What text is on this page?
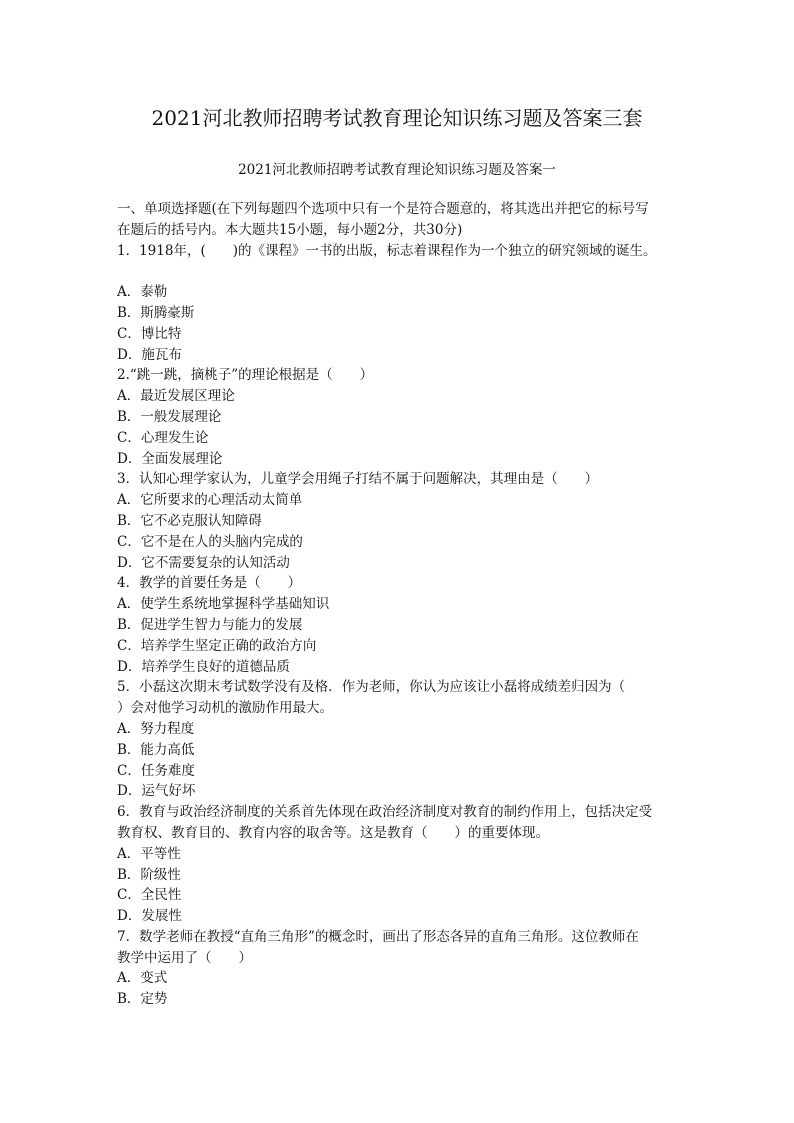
2021河北教师招聘考试教育理论知识练习题及答案三套
2021河北教师招聘考试教育理论知识练习题及答案一
一、单项选择题(在下列每题四个选项中只有一个是符合题意的，将其选出并把它的标号写
在题后的括号内。本大题共15小题，每小题2分，共30分)
1．1918年，(　　)的《课程》一书的出版，标志着课程作为一个独立的研究领域的诞生。
A．泰勒
B．斯腾豪斯
C．博比特
D．施瓦布
2.“跳一跳，摘桃子”的理论根据是（　　）
A．最近发展区理论
B．一般发展理论
C．心理发生论
D．全面发展理论
3．认知心理学家认为，儿童学会用绳子打结不属于问题解决，其理由是（　　）
A．它所要求的心理活动太简单
B．它不必克服认知障碍
C．它不是在人的头脑内完成的
D．它不需要复杂的认知活动
4．教学的首要任务是（　　）
A．使学生系统地掌握科学基础知识
B．促进学生智力与能力的发展
C．培养学生坚定正确的政治方向
D．培养学生良好的道德品质
5．小磊这次期末考试数学没有及格．作为老师，你认为应该让小磊将成绩差归因为（
）会对他学习动机的激励作用最大。
A．努力程度
B．能力高低
C．任务难度
D．运气好坏
6．教育与政治经济制度的关系首先体现在政治经济制度对教育的制约作用上，包括决定受
教育权、教育目的、教育内容的取舍等。这是教育（　　）的重要体现。
A．平等性
B．阶级性
C．全民性
D．发展性
7．数学老师在教授“直角三角形”的概念时，画出了形态各异的直角三角形。这位教师在
教学中运用了（　　）
A．变式
B．定势
